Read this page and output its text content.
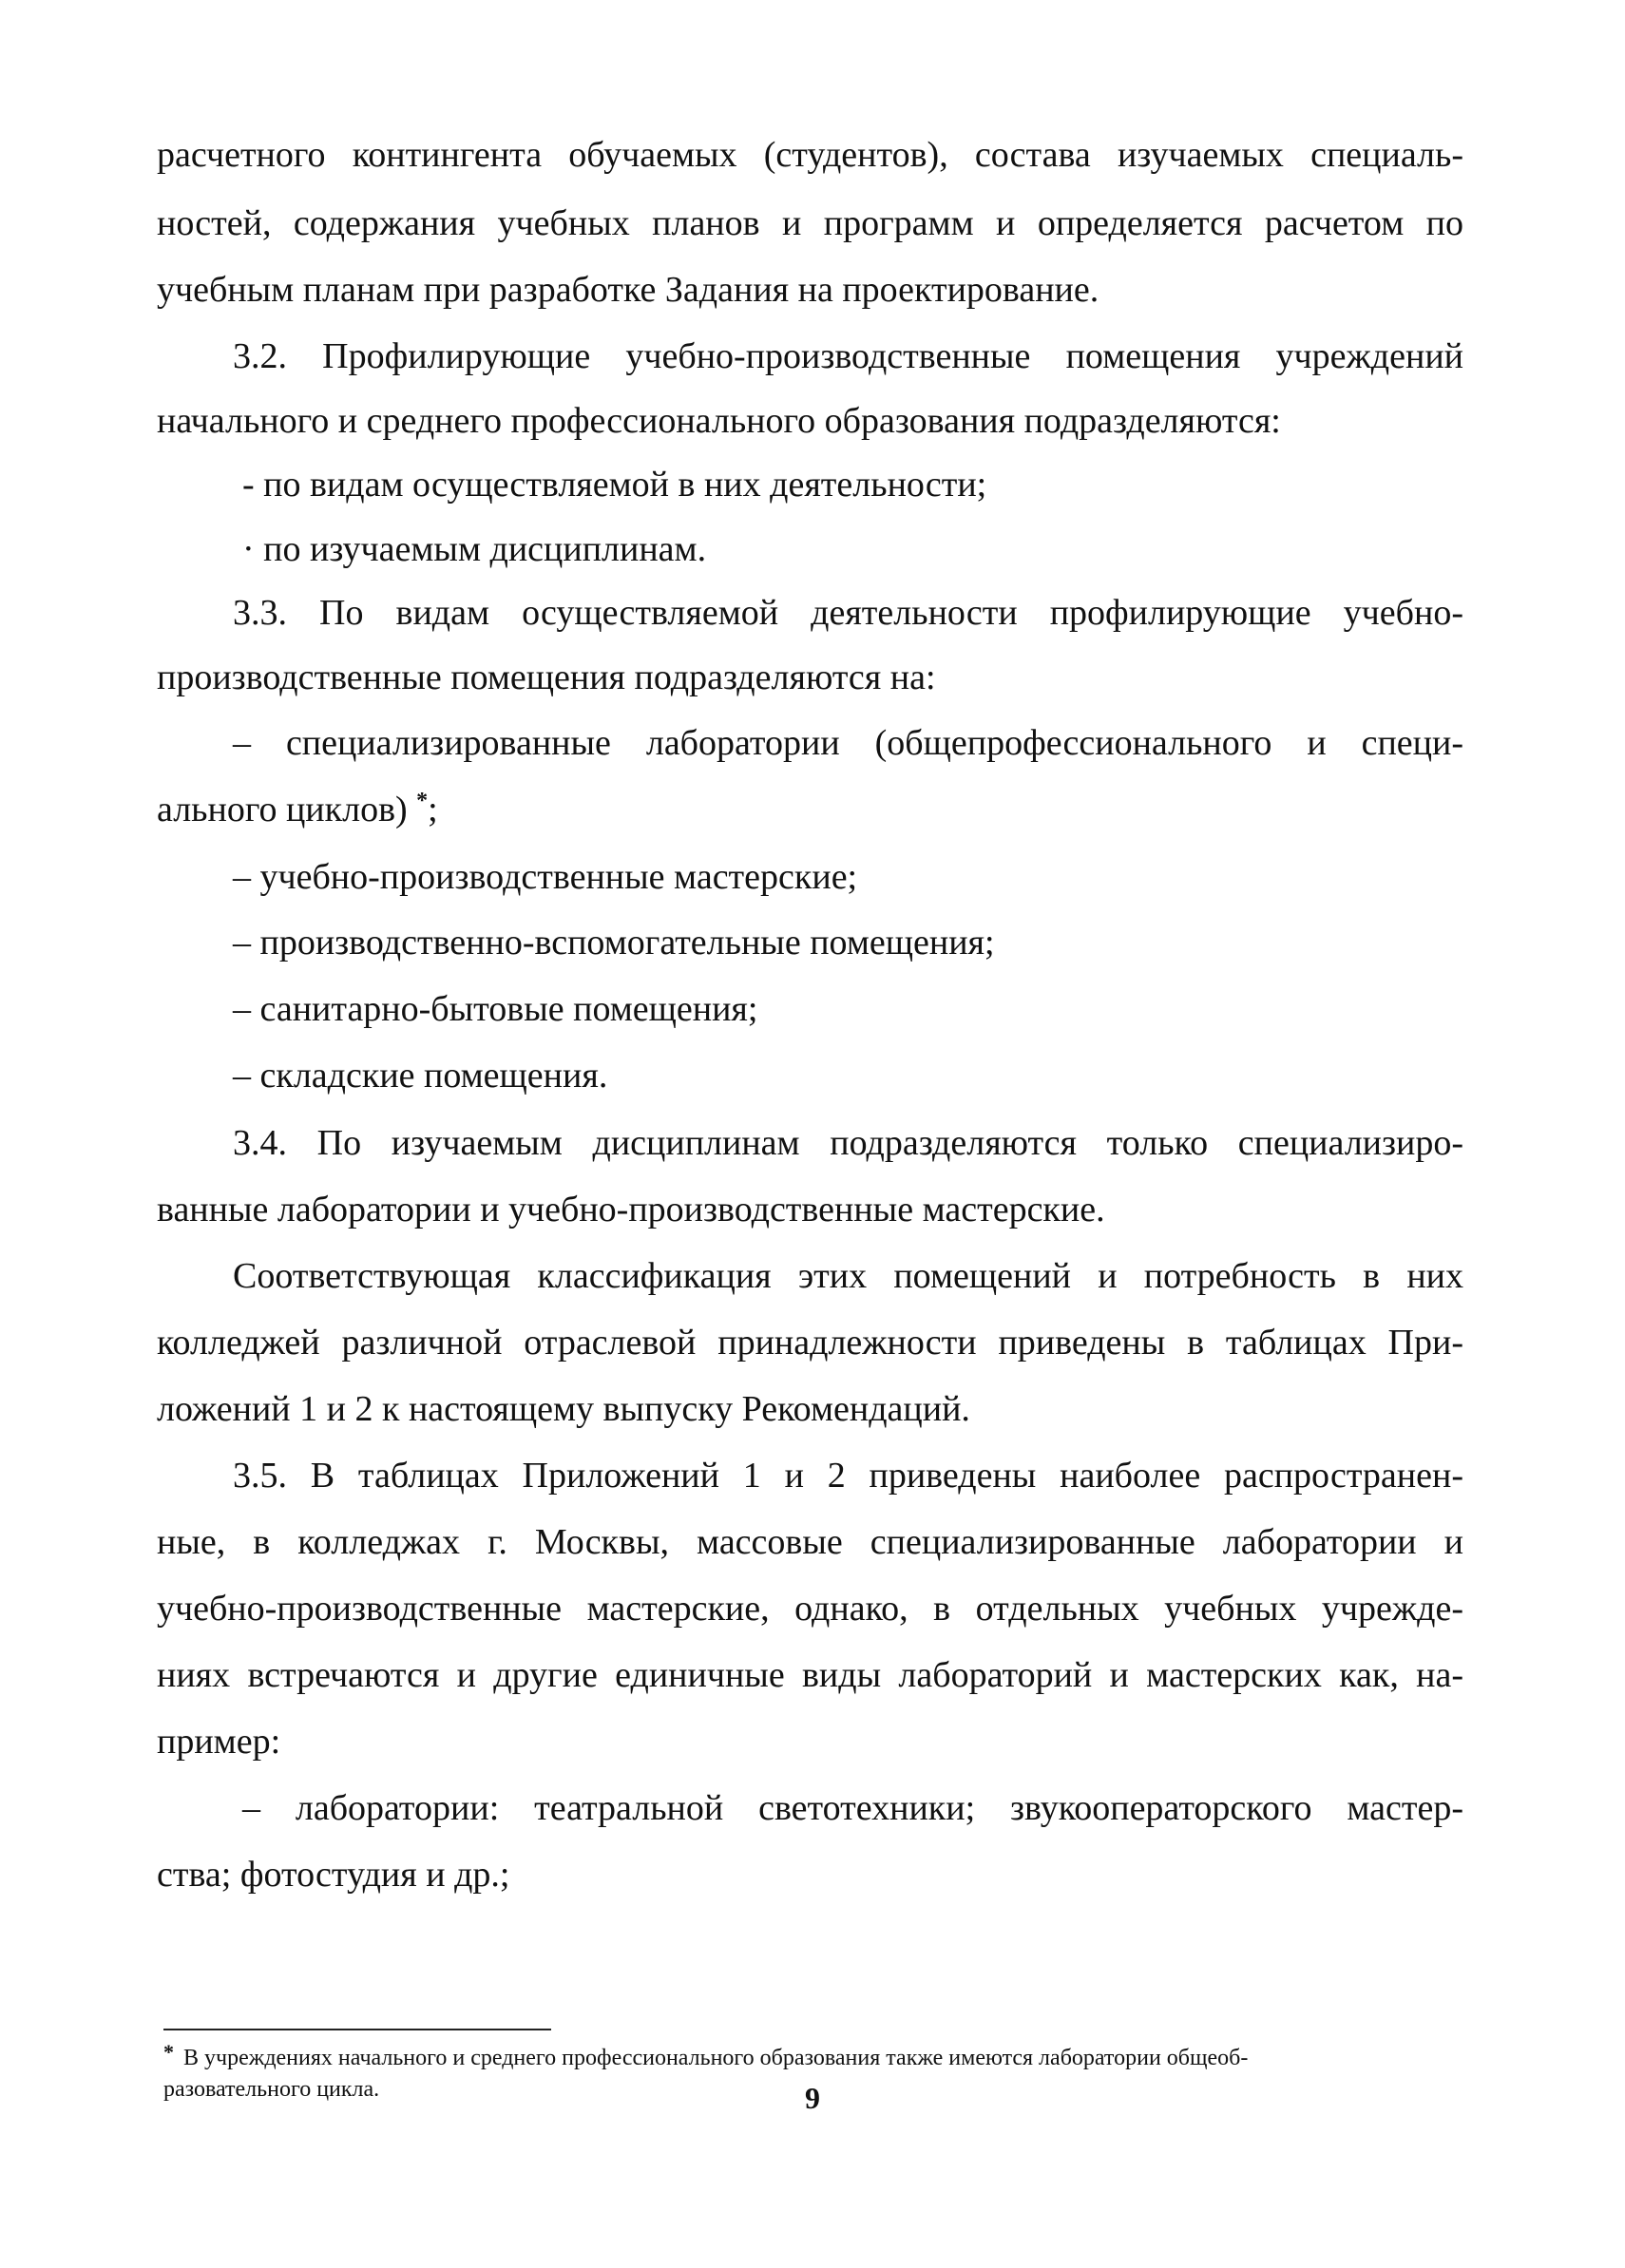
расчетного контингента обучаемых (студентов), состава изучаемых специаль-
ностей, содержания учебных планов и программ и определяется расчетом по
учебным планам при разработке Задания на проектирование.
3.2. Профилирующие учебно-производственные помещения учреждений
начального и среднего профессионального образования подразделяются:
- по видам осуществляемой в них деятельности;
· по изучаемым дисциплинам.
3.3. По видам осуществляемой деятельности профилирующие учебно-
производственные помещения подразделяются на:
– специализированные лаборатории (общепрофессионального и специ-
ального циклов) *;
– учебно-производственные мастерские;
– производственно-вспомогательные помещения;
– санитарно-бытовые помещения;
– складские помещения.
3.4. По изучаемым дисциплинам подразделяются только специализиро-
ванные лаборатории и учебно-производственные мастерские.
Соответствующая классификация этих помещений и потребность в них
колледжей различной отраслевой принадлежности приведены в таблицах При-
ложений 1 и 2 к настоящему выпуску Рекомендаций.
3.5. В таблицах Приложений 1 и 2 приведены наиболее распространен-
ные, в колледжах г. Москвы, массовые специализированные лаборатории и
учебно-производственные мастерские, однако, в отдельных учебных учрежде-
ниях встречаются и другие единичные виды лабораторий и мастерских как, на-
пример:
– лаборатории: театральной светотехники; звукооператорского мастер-
ства; фотостудия и др.;
* В учреждениях начального и среднего профессионального образования также имеются лаборатории общеоб-
разовательного цикла.	9
